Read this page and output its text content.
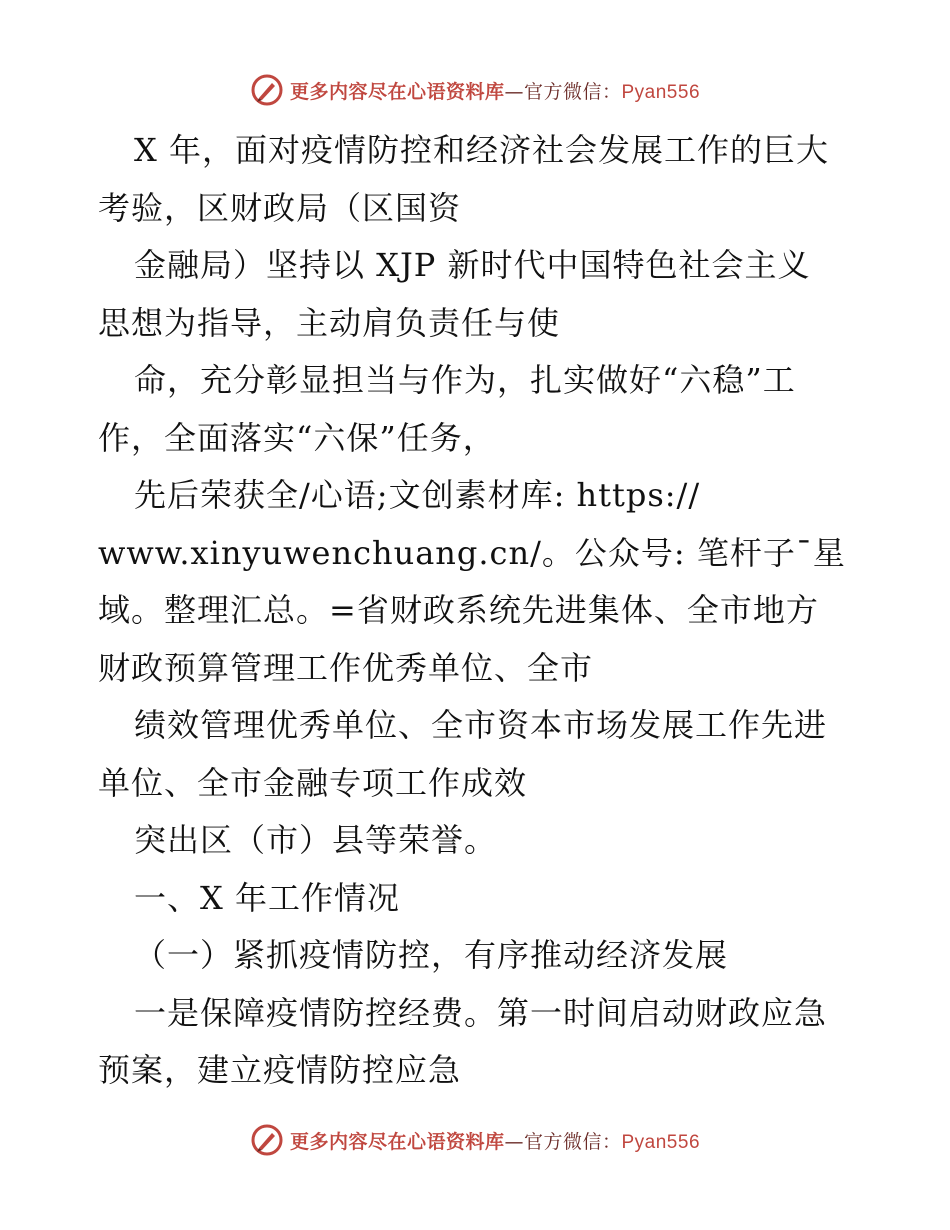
更多内容尽在心语资料库—官方微信：Pyan556
X 年，面对疫情防控和经济社会发展工作的巨大
考验，区财政局（区国资
金融局）坚持以 XJP 新时代中国特色社会主义
思想为指导，主动肩负责任与使
命，充分彰显担当与作为，扎实做好“六稳”工
作，全面落实“六保”任务，
先后荣获全/心语;文创素材库: https://
www.xinyuwenchuang.cn/。公众号: 笔杆子¯星
域。整理汇总。=省财政系统先进集体、全市地方
财政预算管理工作优秀单位、全市
绩效管理优秀单位、全市资本市场发展工作先进
单位、全市金融专项工作成效
突出区（市）县等荣誉。
一、X 年工作情况
（一）紧抓疫情防控，有序推动经济发展
一是保障疫情防控经费。第一时间启动财政应急
预案，建立疫情防控应急
更多内容尽在心语资料库—官方微信：Pyan556
